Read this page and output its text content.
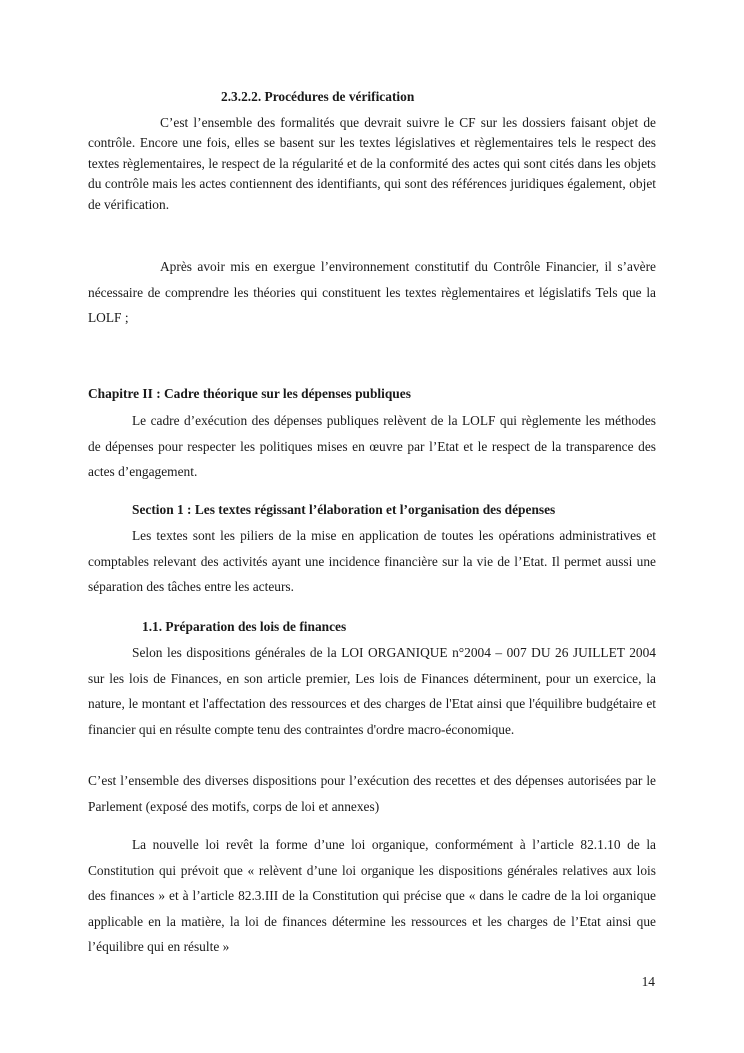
2.3.2.2. Procédures de vérification

C’est l’ensemble des formalités que devrait suivre le CF sur les dossiers faisant objet de contrôle. Encore une fois, elles se basent sur les textes législatives et règlementaires tels le respect des textes règlementaires, le respect de la régularité et de la conformité des actes qui sont cités dans les objets du contrôle mais les actes contiennent des identifiants, qui sont des références juridiques également, objet de vérification.

Après avoir mis en exergue l’environnement constitutif du Contrôle Financier, il s’avère nécessaire de comprendre les théories qui constituent les textes règlementaires et législatifs Tels que la LOLF ;

Chapitre II : Cadre théorique sur les dépenses publiques

Le cadre d’exécution des dépenses publiques relèvent de la LOLF qui règlemente les méthodes de dépenses pour respecter les politiques mises en œuvre par l’Etat et le respect de la transparence des actes d’engagement.

Section 1 : Les textes régissant l’élaboration et l’organisation des dépenses

Les textes sont les piliers de la mise en application de toutes les opérations administratives et comptables relevant des activités ayant une incidence financière sur la vie de l’Etat. Il permet aussi une séparation des tâches entre les acteurs.

1.1. Préparation des lois de finances

Selon les dispositions générales de la LOI ORGANIQUE n°2004 – 007 DU 26 JUILLET 2004 sur les lois de Finances, en son article premier, Les lois de Finances déterminent, pour un exercice, la nature, le montant et l'affectation des ressources et des charges de l'Etat ainsi que l'équilibre budgétaire et financier qui en résulte compte tenu des contraintes d'ordre macro-économique.

C’est l’ensemble des diverses dispositions pour l’exécution des recettes et des dépenses autorisées par le Parlement (exposé des motifs, corps de loi et annexes)

La nouvelle loi revêt la forme d’une loi organique, conformément à l’article 82.1.10 de la Constitution qui prévoit que « relèvent d’une loi organique les dispositions générales relatives aux lois des finances » et à l’article 82.3.III de la Constitution qui précise que « dans le cadre de la loi organique applicable en la matière, la loi de finances détermine les ressources et les charges de l’Etat ainsi que l’équilibre qui en résulte »

14
